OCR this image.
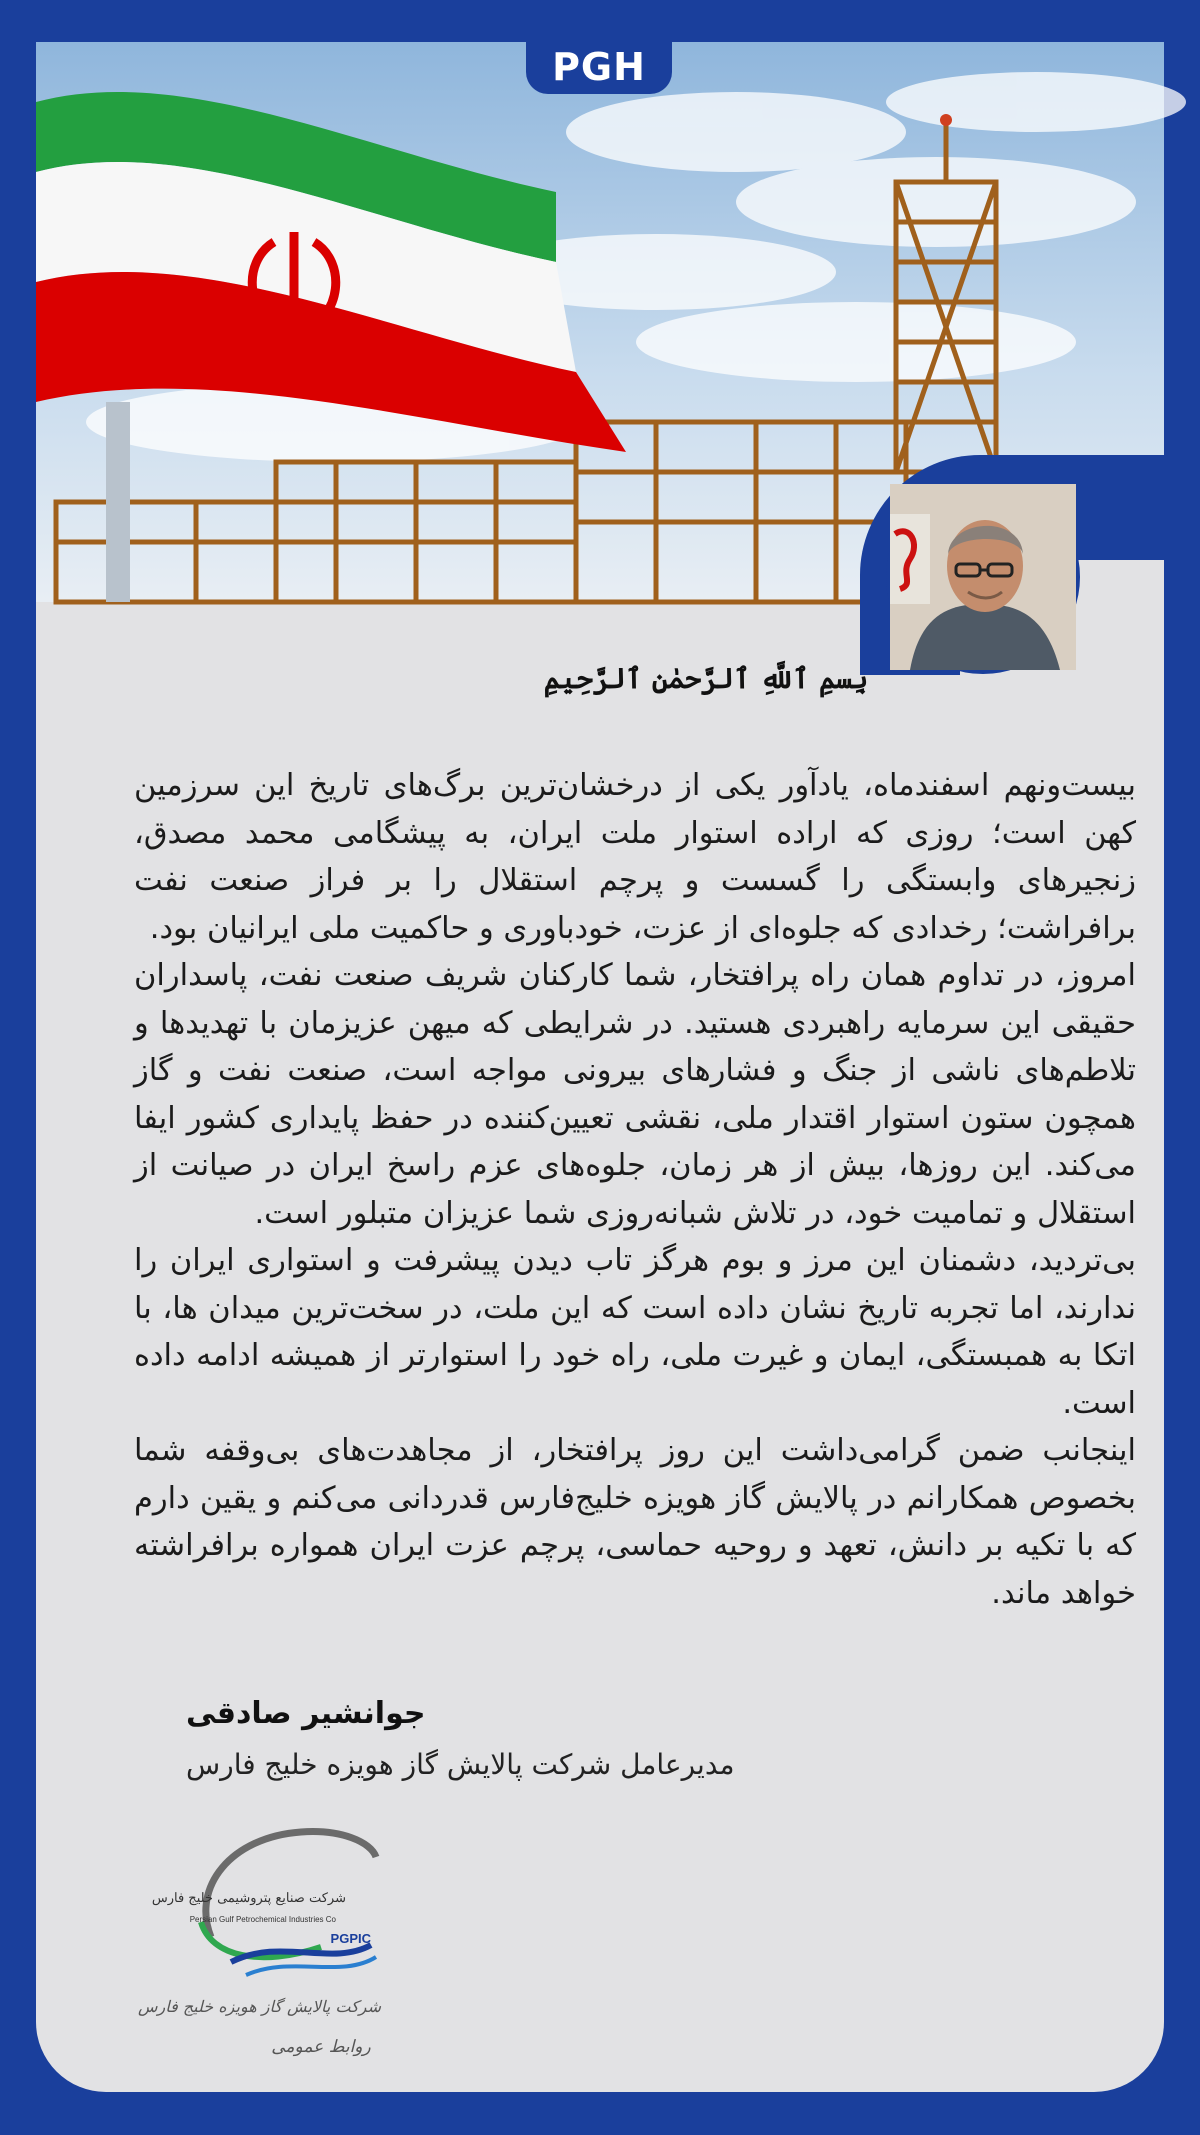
بِسمِ ٱللَّهِ ٱلرَّحمٰنِ ٱلرَّحِیمِ

بیست‌ونهم اسفندماه، یادآور یکی از درخشان‌ترین برگ‌های تاریخ این سرزمین کهن است؛ روزی که اراده استوار ملت ایران، به پیشگامی محمد مصدق، زنجیرهای وابستگی را گسست و پرچم استقلال را بر فراز صنعت نفت برافراشت؛ رخدادی که جلوه‌ای از عزت، خودباوری و حاکمیت ملی ایرانیان بود.

امروز، در تداوم همان راه پرافتخار، شما کارکنان شریف صنعت نفت، پاسداران حقیقی این سرمایه راهبردی هستید. در شرایطی که میهن عزیزمان با تهدیدها و تلاطم‌های ناشی از جنگ و فشارهای بیرونی مواجه است، صنعت نفت و گاز همچون ستون استوار اقتدار ملی، نقشی تعیین‌کننده در حفظ پایداری کشور ایفا می‌کند. این روزها، بیش از هر زمان، جلوه‌های عزم راسخ ایران در صیانت از استقلال و تمامیت خود، در تلاش شبانه‌روزی شما عزیزان متبلور است.

بی‌تردید، دشمنان این مرز و بوم هرگز تاب دیدن پیشرفت و استواری ایران را ندارند، اما تجربه تاریخ نشان داده است که این ملت، در سخت‌ترین میدان ها، با اتکا به همبستگی، ایمان و غیرت ملی، راه خود را استوارتر از همیشه ادامه داده است.

اینجانب ضمن گرامی‌داشت این روز پرافتخار، از مجاهدت‌های بی‌وقفه شما بخصوص همکارانم در پالایش گاز هویزه خلیج‌فارس قدردانی می‌کنم و یقین دارم که با تکیه بر دانش، تعهد و روحیه حماسی، پرچم عزت ایران همواره برافراشته خواهد ماند.

جوانشیر صادقی
مدیرعامل شرکت پالایش گاز هویزه خلیج فارس
شرکت صنایع پتروشیمی خلیج فارس
Persian Gulf Petrochemical Industries Co
PGPIC
شرکت پالایش گاز هویزه خلیج فارس
روابط عمومی
PGH
